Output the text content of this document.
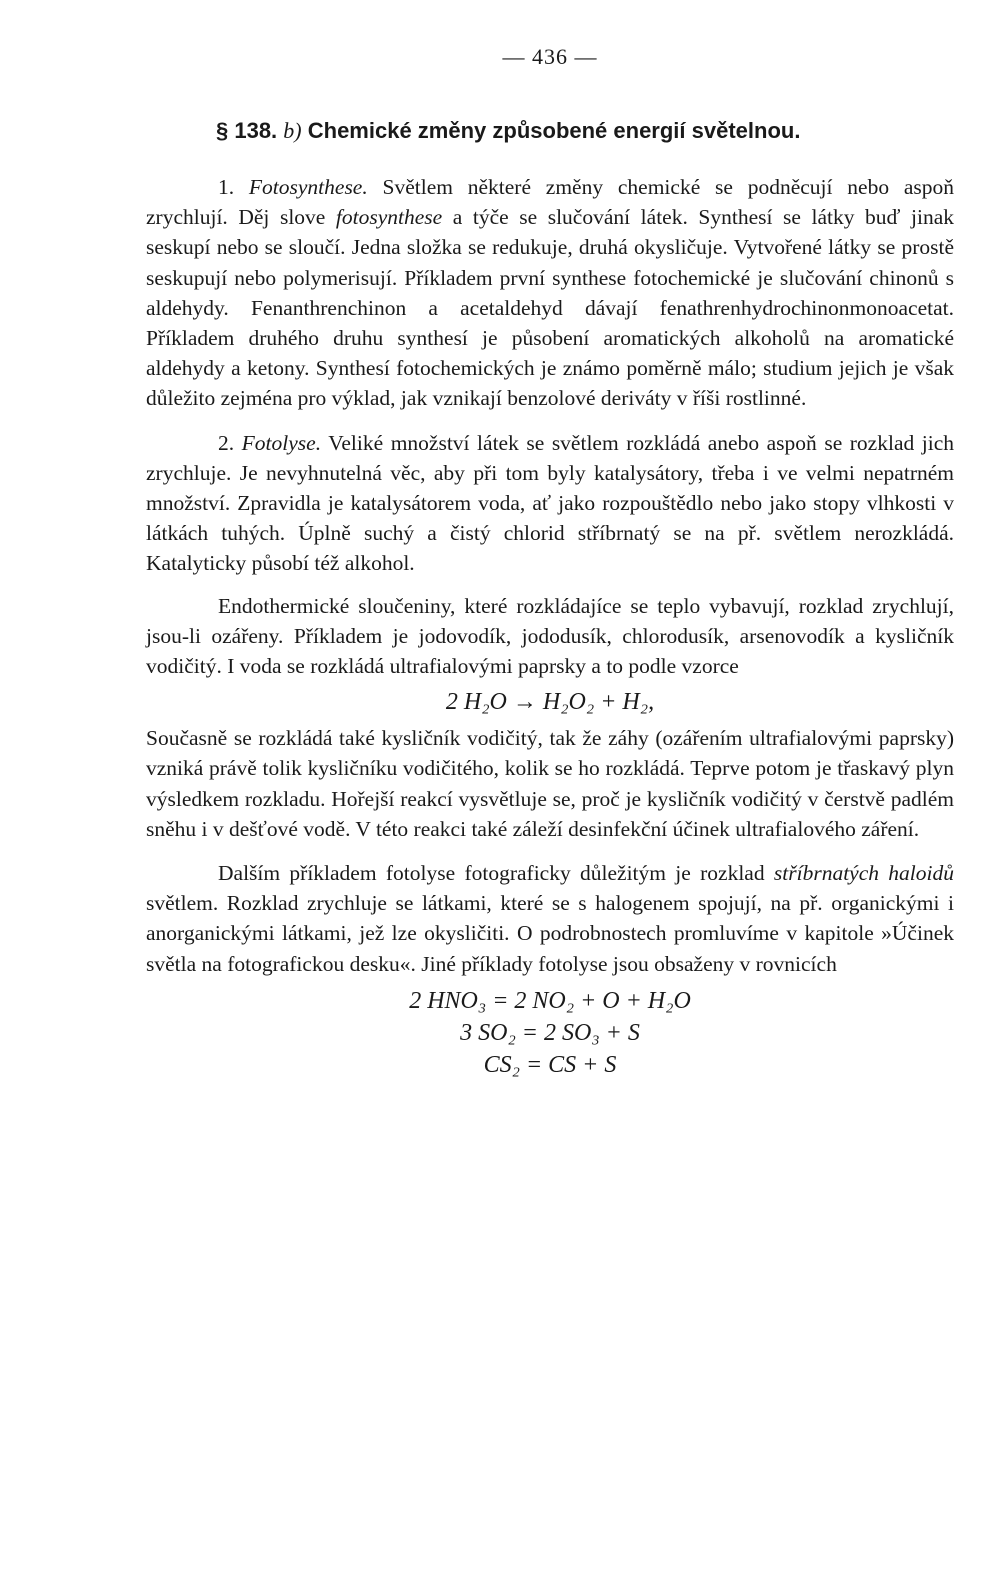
— 436 —
§ 138. b) Chemické změny způsobené energií světelnou.

1. Fotosynthese. Světlem některé změny chemické se podněcují nebo aspoň zrychlují. Děj slove fotosynthese a týče se slučování látek. Synthesí se látky buď jinak seskupí nebo se sloučí. Jedna složka se redukuje, druhá okysličuje. Vytvořené látky se prostě seskupují nebo polymerisují. Příkladem první synthese fotochemické je slučování chinonů s aldehydy. Fenanthrenchinon a acetaldehyd dávají fenathrenhydrochinonmonoacetat. Příkladem druhého druhu synthesí je působení aromatických alkoholů na aromatické aldehydy a ketony. Synthesí fotochemických je známo poměrně málo; studium jejich je však důležito zejména pro výklad, jak vznikají benzolové deriváty v říši rostlinné.

2. Fotolyse. Veliké množství látek se světlem rozkládá anebo aspoň se rozklad jich zrychluje. Je nevyhnutelná věc, aby při tom byly katalysátory, třeba i ve velmi nepatrném množství. Zpravidla je katalysátorem voda, ať jako rozpouštědlo nebo jako stopy vlhkosti v látkách tuhých. Úplně suchý a čistý chlorid stříbrnatý se na př. světlem nerozkládá. Katalyticky působí též alkohol.

Endothermické sloučeniny, které rozkládajíce se teplo vybavují, rozklad zrychlují, jsou-li ozářeny. Příkladem je jodovodík, jododusík, chlorodusík, arsenovodík a kysličník vodičitý. I voda se rozkládá ultrafialovými paprsky a to podle vzorce

2 H₂O → H₂O₂ + H₂,

Současně se rozkládá také kysličník vodičitý, tak že záhy (ozářením ultrafialovými paprsky) vzniká právě tolik kysličníku vodičitého, kolik se ho rozkládá. Teprve potom je třaskavý plyn výsledkem rozkladu. Hořejší reakcí vysvětluje se, proč je kysličník vodičitý v čerstvě padlém sněhu i v dešťové vodě. V této reakci také záleží desinfekční účinek ultrafialového záření.

Dalším příkladem fotolyse fotograficky důležitým je rozklad stříbrnatých haloidů světlem. Rozklad zrychluje se látkami, které se s halogenem spojují, na př. organickými i anorganickými látkami, jež lze okysličiti. O podrobnostech promluvíme v kapitole »Účinek světla na fotografickou desku«. Jiné příklady fotolyse jsou obsaženy v rovnicích

2 HNO₃ = 2 NO₂ + O + H₂O
3 SO₂ = 2 SO₃ + S
CS₂ = CS + S
